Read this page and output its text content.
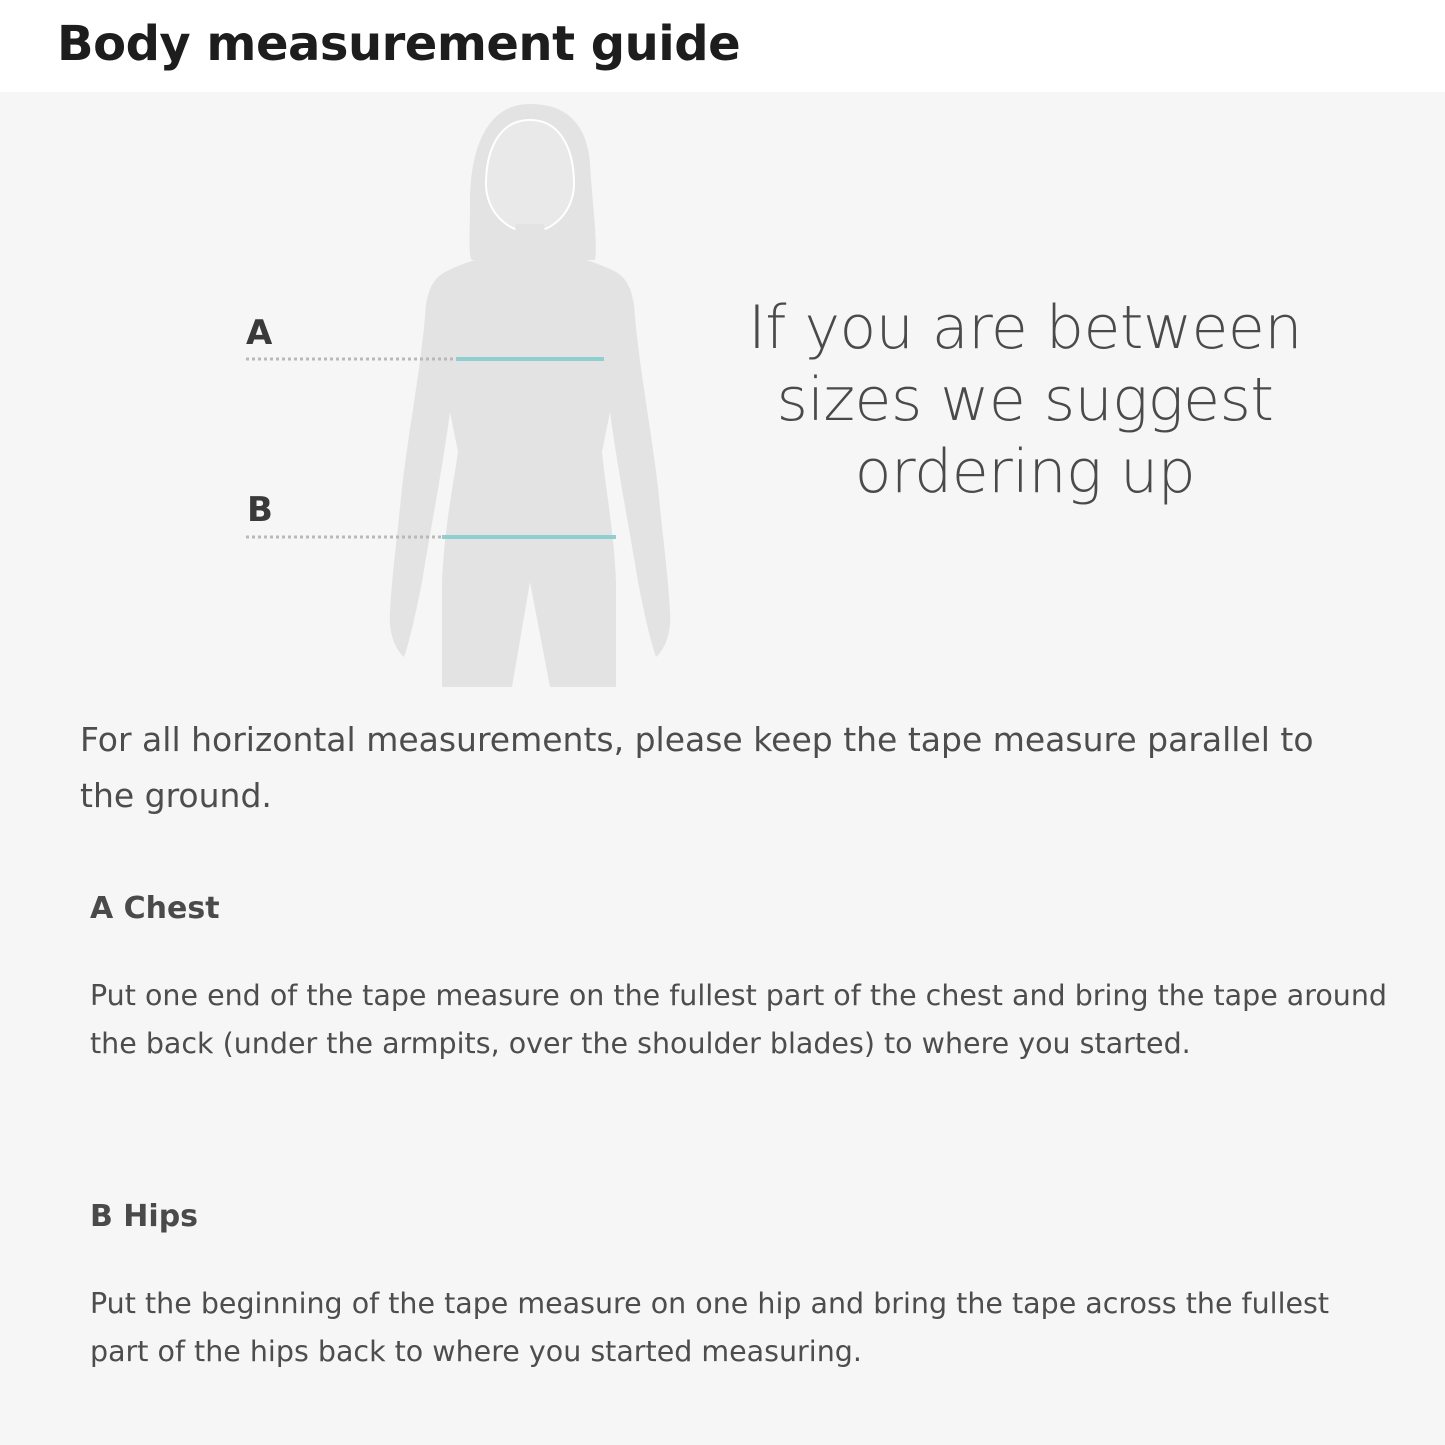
Body measurement guide
A
B
If you are between sizes we suggest ordering up

For all horizontal measurements, please keep the tape measure parallel to the ground.

A Chest

Put one end of the tape measure on the fullest part of the chest and bring the tape around the back (under the armpits, over the shoulder blades) to where you started.

B Hips

Put the beginning of the tape measure on one hip and bring the tape across the fullest part of the hips back to where you started measuring.
